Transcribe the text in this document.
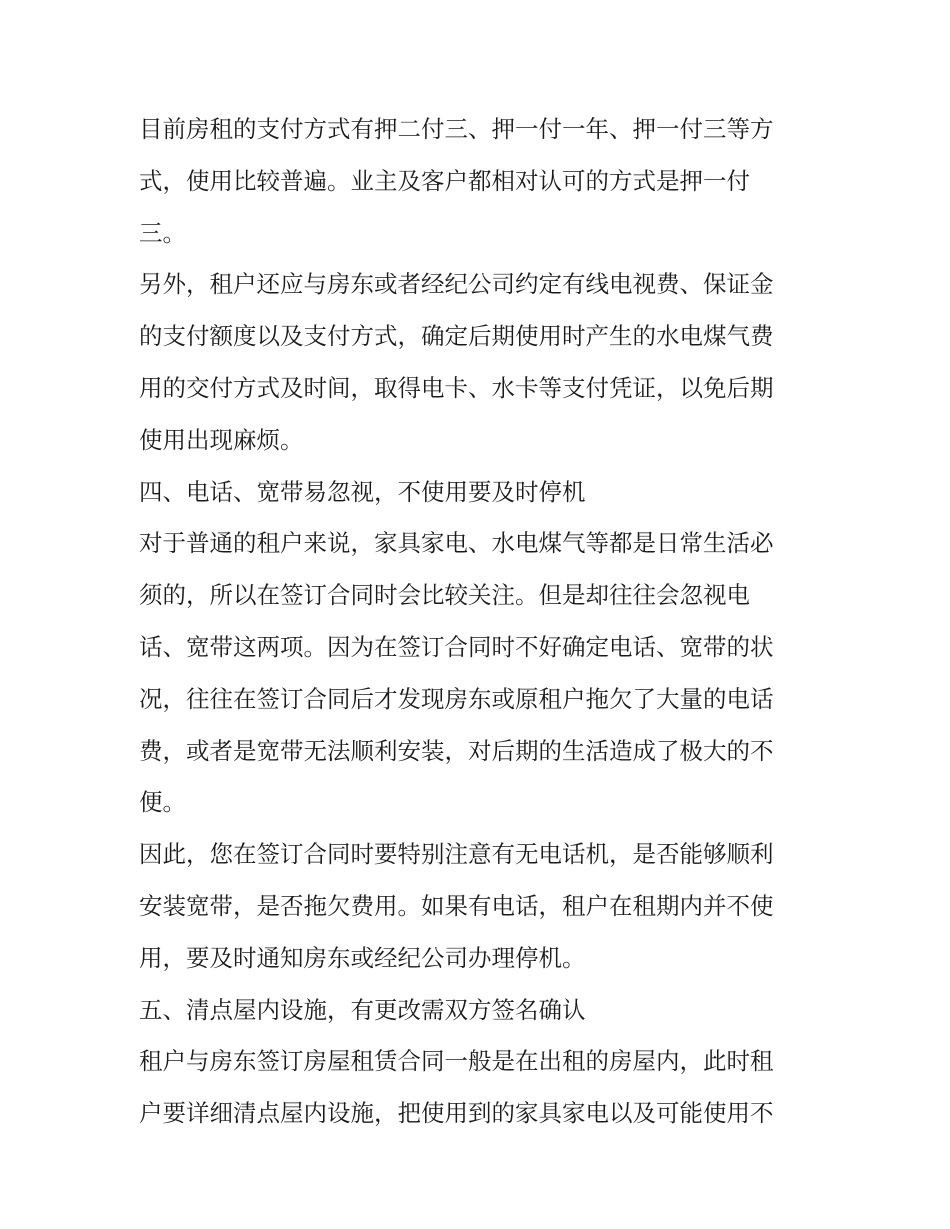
目前房租的支付方式有押二付三、押一付一年、押一付三等方
式，使用比较普遍。业主及客户都相对认可的方式是押一付
三。
另外，租户还应与房东或者经纪公司约定有线电视费、保证金
的支付额度以及支付方式，确定后期使用时产生的水电煤气费
用的交付方式及时间，取得电卡、水卡等支付凭证，以免后期
使用出现麻烦。
四、电话、宽带易忽视，不使用要及时停机
对于普通的租户来说，家具家电、水电煤气等都是日常生活必
须的，所以在签订合同时会比较关注。但是却往往会忽视电
话、宽带这两项。因为在签订合同时不好确定电话、宽带的状
况，往往在签订合同后才发现房东或原租户拖欠了大量的电话
费，或者是宽带无法顺利安装，对后期的生活造成了极大的不
便。
因此，您在签订合同时要特别注意有无电话机，是否能够顺利
安装宽带，是否拖欠费用。如果有电话，租户在租期内并不使
用，要及时通知房东或经纪公司办理停机。
五、清点屋内设施，有更改需双方签名确认
租户与房东签订房屋租赁合同一般是在出租的房屋内，此时租
户要详细清点屋内设施，把使用到的家具家电以及可能使用不
